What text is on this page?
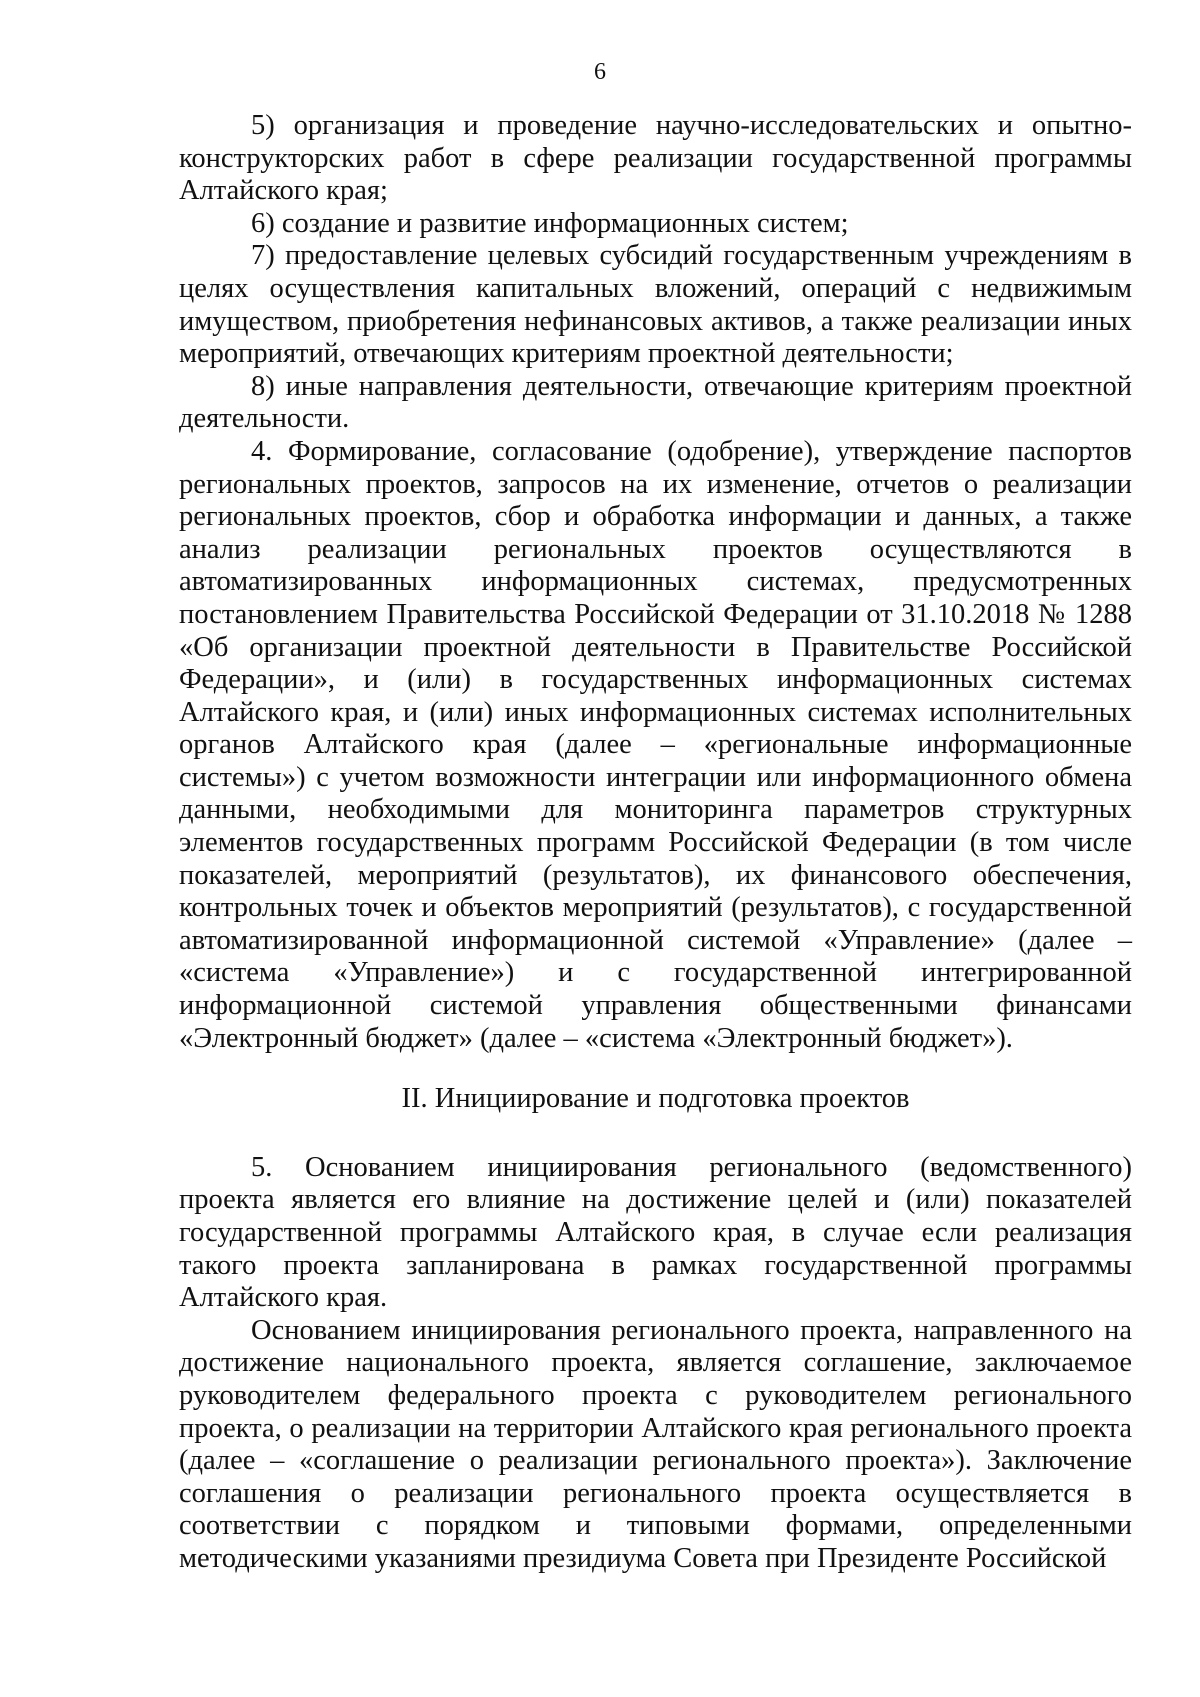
6

5) организация и проведение научно-исследовательских и опытно-конструкторских работ в сфере реализации государственной программы Алтайского края;

6) создание и развитие информационных систем;

7) предоставление целевых субсидий государственным учреждениям в целях осуществления капитальных вложений, операций с недвижимым имуществом, приобретения нефинансовых активов, а также реализации иных мероприятий, отвечающих критериям проектной деятельности;

8) иные направления деятельности, отвечающие критериям проектной деятельности.

4. Формирование, согласование (одобрение), утверждение паспортов региональных проектов, запросов на их изменение, отчетов о реализации региональных проектов, сбор и обработка информации и данных, а также анализ реализации региональных проектов осуществляются в автоматизированных информационных системах, предусмотренных постановлением Правительства Российской Федерации от 31.10.2018 № 1288 «Об организации проектной деятельности в Правительстве Российской Федерации», и (или) в государственных информационных системах Алтайского края, и (или) иных информационных системах исполнительных органов Алтайского края (далее – «региональные информационные системы») с учетом возможности интеграции или информационного обмена данными, необходимыми для мониторинга параметров структурных элементов государственных программ Российской Федерации (в том числе показателей, мероприятий (результатов), их финансового обеспечения, контрольных точек и объектов мероприятий (результатов), с государственной автоматизированной информационной системой «Управление» (далее – «система «Управление») и с государственной интегрированной информационной системой управления общественными финансами «Электронный бюджет» (далее – «система «Электронный бюджет»).

II. Инициирование и подготовка проектов

5. Основанием инициирования регионального (ведомственного) проекта является его влияние на достижение целей и (или) показателей государственной программы Алтайского края, в случае если реализация такого проекта запланирована в рамках государственной программы Алтайского края.

Основанием инициирования регионального проекта, направленного на достижение национального проекта, является соглашение, заключаемое руководителем федерального проекта с руководителем регионального проекта, о реализации на территории Алтайского края регионального проекта (далее – «соглашение о реализации регионального проекта»). Заключение соглашения о реализации регионального проекта осуществляется в соответствии с порядком и типовыми формами, определенными методическими указаниями президиума Совета при Президенте Российской
